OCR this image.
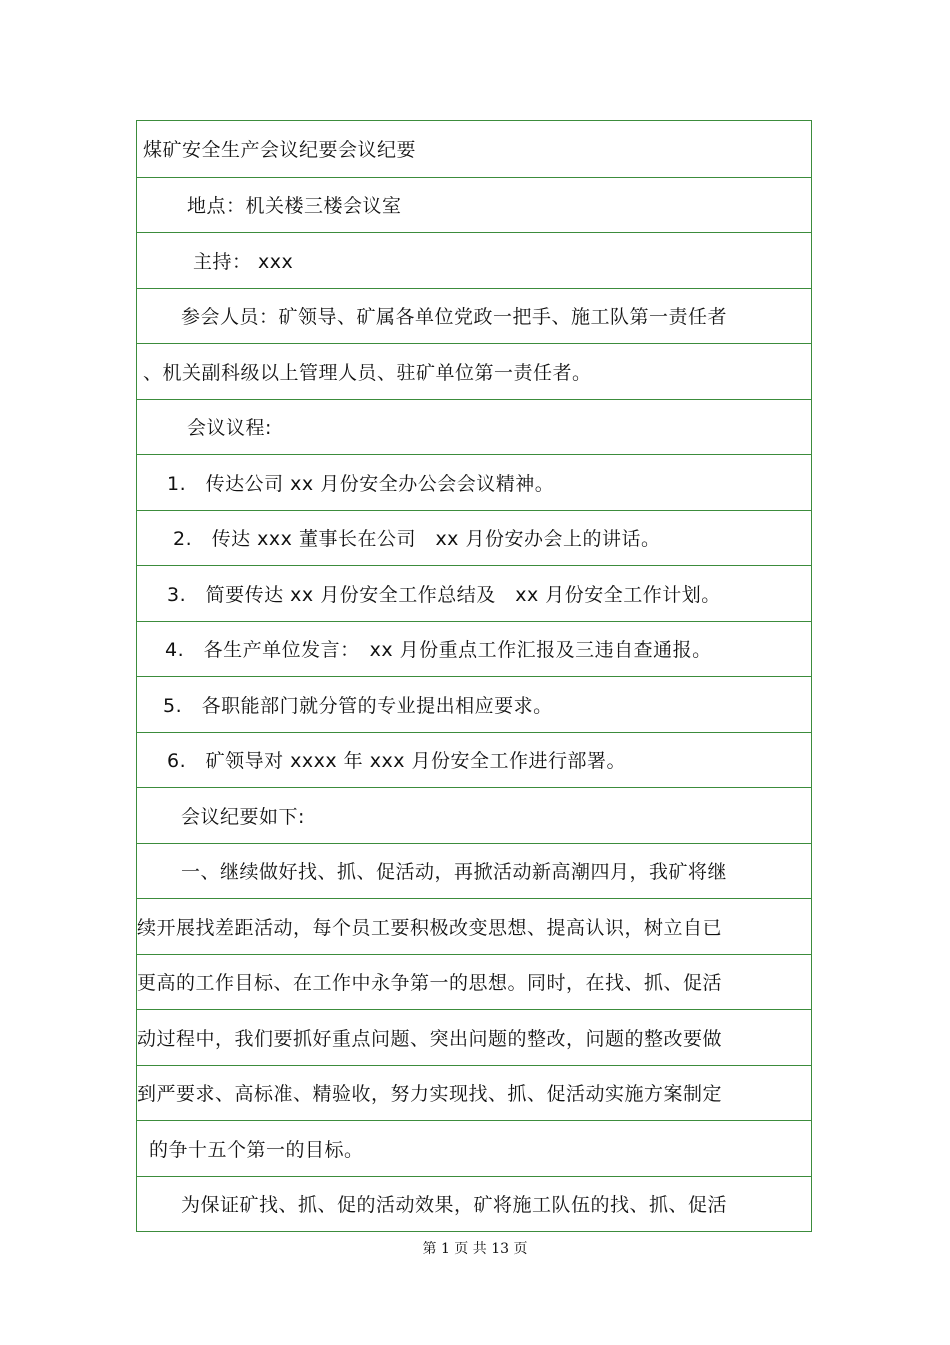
煤矿安全生产会议纪要会议纪要
地点：机关楼三楼会议室
主持： xxx
参会人员：矿领导、矿属各单位党政一把手、施工队第一责任者
、机关副科级以上管理人员、驻矿单位第一责任者。
会议议程:
1.　传达公司 xx 月份安全办公会会议精神。
2.　传达 xxx 董事长在公司　xx 月份安办会上的讲话。
3.　简要传达 xx 月份安全工作总结及　xx 月份安全工作计划。
4.　各生产单位发言：　xx 月份重点工作汇报及三违自查通报。
5.　各职能部门就分管的专业提出相应要求。
6.　矿领导对 xxxx 年 xxx 月份安全工作进行部署。
会议纪要如下:
一、继续做好找、抓、促活动，再掀活动新高潮四月，我矿将继
续开展找差距活动，每个员工要积极改变思想、提高认识，树立自已
更高的工作目标、在工作中永争第一的思想。同时，在找、抓、促活
动过程中，我们要抓好重点问题、突出问题的整改，问题的整改要做
到严要求、高标准、精验收，努力实现找、抓、促活动实施方案制定
的争十五个第一的目标。
为保证矿找、抓、促的活动效果，矿将施工队伍的找、抓、促活
第 1 页 共 13 页
